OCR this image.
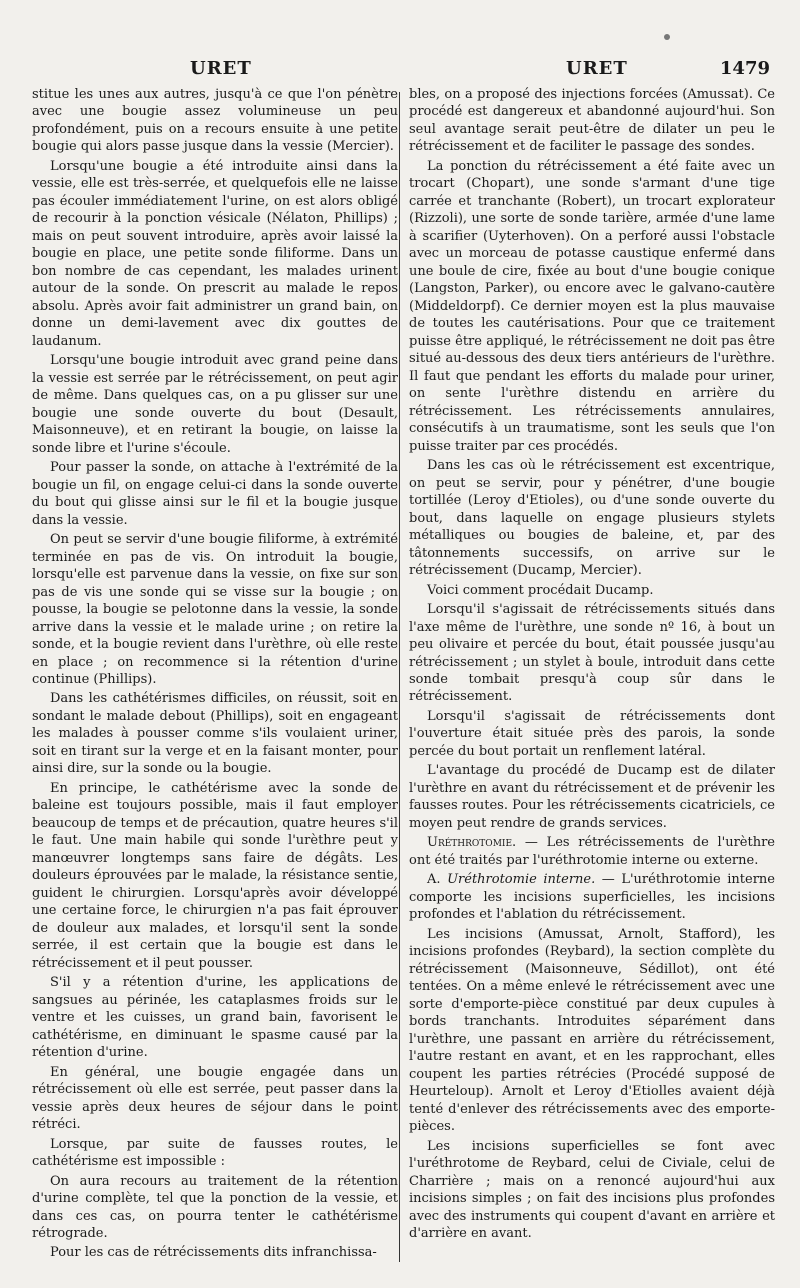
URET	URET	1479

stitue les unes aux autres, jusqu'à ce que l'on pénètre avec une bougie assez volumineuse un peu profondément, puis on a recours ensuite à une petite bougie qui alors passe jusque dans la vessie (Mercier).

Lorsqu'une bougie a été introduite ainsi dans la vessie, elle est très-serrée, et quelquefois elle ne laisse pas écouler immédiatement l'urine, on est alors obligé de recourir à la ponction vésicale (Nélaton, Phillips) ; mais on peut souvent introduire, après avoir laissé la bougie en place, une petite sonde filiforme. Dans un bon nombre de cas cependant, les malades urinent autour de la sonde. On prescrit au malade le repos absolu. Après avoir fait administrer un grand bain, on donne un demi-lavement avec dix gouttes de laudanum.

Lorsqu'une bougie introduit avec grand peine dans la vessie est serrée par le rétrécissement, on peut agir de même. Dans quelques cas, on a pu glisser sur une bougie une sonde ouverte du bout (Desault, Maisonneuve), et en retirant la bougie, on laisse la sonde libre et l'urine s'écoule.

Pour passer la sonde, on attache à l'extrémité de la bougie un fil, on engage celui-ci dans la sonde ouverte du bout qui glisse ainsi sur le fil et la bougie jusque dans la vessie.

On peut se servir d'une bougie filiforme, à extrémité terminée en pas de vis. On introduit la bougie, lorsqu'elle est parvenue dans la vessie, on fixe sur son pas de vis une sonde qui se visse sur la bougie ; on pousse, la bougie se pelotonne dans la vessie, la sonde arrive dans la vessie et le malade urine ; on retire la sonde, et la bougie revient dans l'urèthre, où elle reste en place ; on recommence si la rétention d'urine continue (Phillips).

Dans les cathétérismes difficiles, on réussit, soit en sondant le malade debout (Phillips), soit en engageant les malades à pousser comme s'ils voulaient uriner, soit en tirant sur la verge et en la faisant monter, pour ainsi dire, sur la sonde ou la bougie.

En principe, le cathétérisme avec la sonde de baleine est toujours possible, mais il faut employer beaucoup de temps et de précaution, quatre heures s'il le faut. Une main habile qui sonde l'urèthre peut y manœuvrer longtemps sans faire de dégâts. Les douleurs éprouvées par le malade, la résistance sentie, guident le chirurgien. Lorsqu'après avoir développé une certaine force, le chirurgien n'a pas fait éprouver de douleur aux malades, et lorsqu'il sent la sonde serrée, il est certain que la bougie est dans le rétrécissement et il peut pousser.

S'il y a rétention d'urine, les applications de sangsues au périnée, les cataplasmes froids sur le ventre et les cuisses, un grand bain, favorisent le cathétérisme, en diminuant le spasme causé par la rétention d'urine.

En général, une bougie engagée dans un rétrécissement où elle est serrée, peut passer dans la vessie après deux heures de séjour dans le point rétréci.

Lorsque, par suite de fausses routes, le cathétérisme est impossible :

On aura recours au traitement de la rétention d'urine complète, tel que la ponction de la vessie, et dans ces cas, on pourra tenter le cathétérisme rétrograde.

Pour les cas de rétrécissements dits infranchissa-

bles, on a proposé des injections forcées (Amussat). Ce procédé est dangereux et abandonné aujourd'hui. Son seul avantage serait peut-être de dilater un peu le rétrécissement et de faciliter le passage des sondes.

La ponction du rétrécissement a été faite avec un trocart (Chopart), une sonde s'armant d'une tige carrée et tranchante (Robert), un trocart explorateur (Rizzoli), une sorte de sonde tarière, armée d'une lame à scarifier (Uyterhoven). On a perforé aussi l'obstacle avec un morceau de potasse caustique enfermé dans une boule de cire, fixée au bout d'une bougie conique (Langston, Parker), ou encore avec le galvano-cautère (Middeldorpf). Ce dernier moyen est la plus mauvaise de toutes les cautérisations. Pour que ce traitement puisse être appliqué, le rétrécissement ne doit pas être situé au-dessous des deux tiers antérieurs de l'urèthre. Il faut que pendant les efforts du malade pour uriner, on sente l'urèthre distendu en arrière du rétrécissement. Les rétrécissements annulaires, consécutifs à un traumatisme, sont les seuls que l'on puisse traiter par ces procédés.

Dans les cas où le rétrécissement est excentrique, on peut se servir, pour y pénétrer, d'une bougie tortillée (Leroy d'Etioles), ou d'une sonde ouverte du bout, dans laquelle on engage plusieurs stylets métalliques ou bougies de baleine, et, par des tâtonnements successifs, on arrive sur le rétrécissement (Ducamp, Mercier).

Voici comment procédait Ducamp.

Lorsqu'il s'agissait de rétrécissements situés dans l'axe même de l'urèthre, une sonde nº 16, à bout un peu olivaire et percée du bout, était poussée jusqu'au rétrécissement ; un stylet à boule, introduit dans cette sonde tombait presqu'à coup sûr dans le rétrécissement.

Lorsqu'il s'agissait de rétrécissements dont l'ouverture était située près des parois, la sonde percée du bout portait un renflement latéral.

L'avantage du procédé de Ducamp est de dilater l'urèthre en avant du rétrécissement et de prévenir les fausses routes. Pour les rétrécissements cicatriciels, ce moyen peut rendre de grands services.

Uréthrotomie. — Les rétrécissements de l'urèthre ont été traités par l'uréthrotomie interne ou externe.

A. Uréthrotomie interne. — L'uréthrotomie interne comporte les incisions superficielles, les incisions profondes et l'ablation du rétrécissement.

Les incisions (Amussat, Arnolt, Stafford), les incisions profondes (Reybard), la section complète du rétrécissement (Maisonneuve, Sédillot), ont été tentées. On a même enlevé le rétrécissement avec une sorte d'emporte-pièce constitué par deux cupules à bords tranchants. Introduites séparément dans l'urèthre, une passant en arrière du rétrécissement, l'autre restant en avant, et en les rapprochant, elles coupent les parties rétrécies (Procédé supposé de Heurteloup). Arnolt et Leroy d'Etiolles avaient déjà tenté d'enlever des rétrécissements avec des emporte-pièces.

Les incisions superficielles se font avec l'uréthrotome de Reybard, celui de Civiale, celui de Charrière ; mais on a renoncé aujourd'hui aux incisions simples ; on fait des incisions plus profondes avec des instruments qui coupent d'avant en arrière et d'arrière en avant.
